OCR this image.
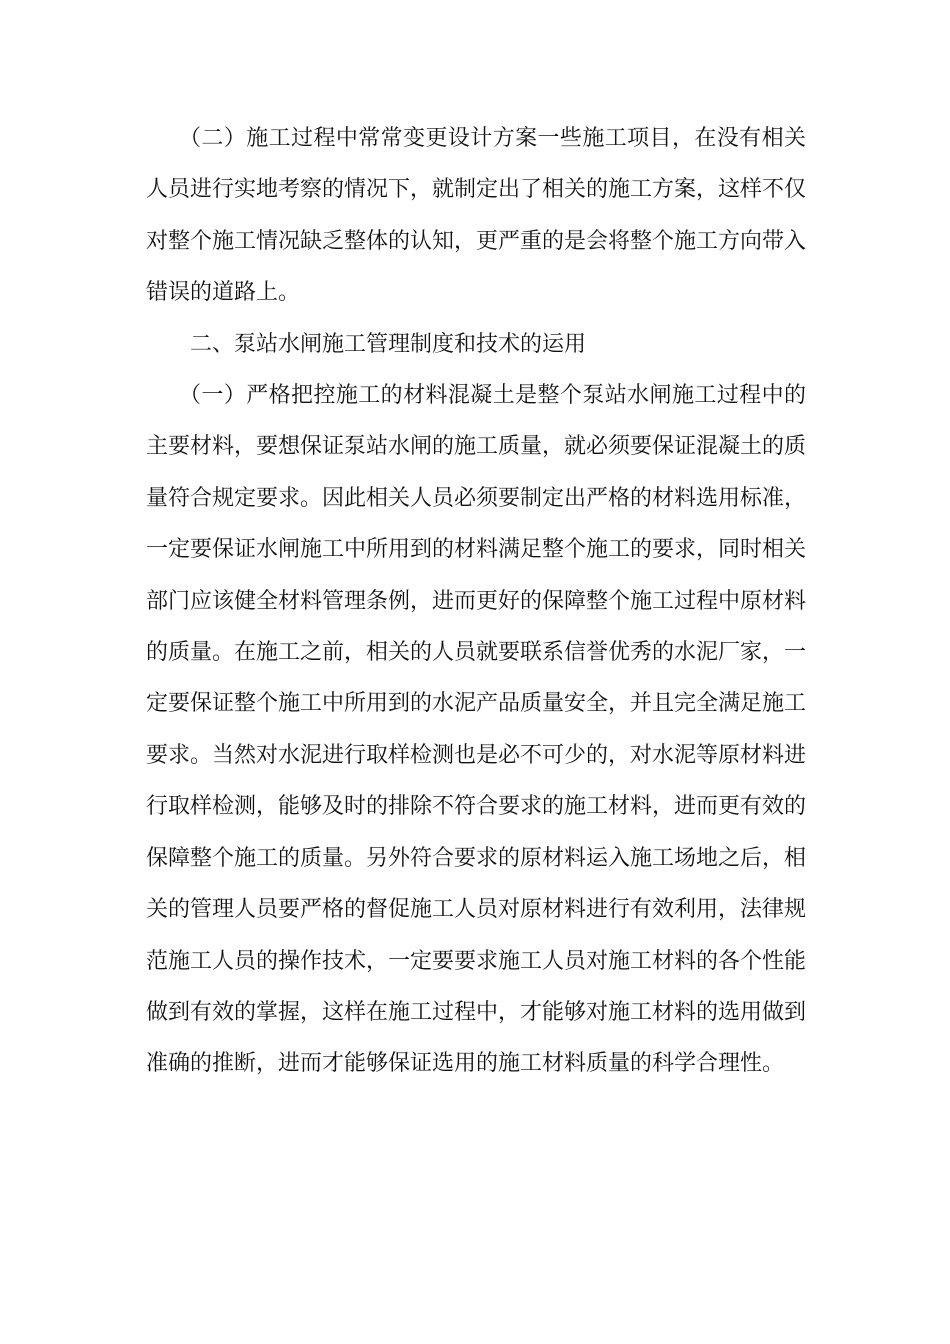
（二）施工过程中常常变更设计方案一些施工项目，在没有相关人员进行实地考察的情况下，就制定出了相关的施工方案，这样不仅对整个施工情况缺乏整体的认知，更严重的是会将整个施工方向带入错误的道路上。

二、泵站水闸施工管理制度和技术的运用

（一）严格把控施工的材料混凝土是整个泵站水闸施工过程中的主要材料，要想保证泵站水闸的施工质量，就必须要保证混凝土的质量符合规定要求。因此相关人员必须要制定出严格的材料选用标准，一定要保证水闸施工中所用到的材料满足整个施工的要求，同时相关部门应该健全材料管理条例，进而更好的保障整个施工过程中原材料的质量。在施工之前，相关的人员就要联系信誉优秀的水泥厂家，一定要保证整个施工中所用到的水泥产品质量安全，并且完全满足施工要求。当然对水泥进行取样检测也是必不可少的，对水泥等原材料进行取样检测，能够及时的排除不符合要求的施工材料，进而更有效的保障整个施工的质量。另外符合要求的原材料运入施工场地之后，相关的管理人员要严格的督促施工人员对原材料进行有效利用，法律规范施工人员的操作技术，一定要要求施工人员对施工材料的各个性能做到有效的掌握，这样在施工过程中，才能够对施工材料的选用做到准确的推断，进而才能够保证选用的施工材料质量的科学合理性。
